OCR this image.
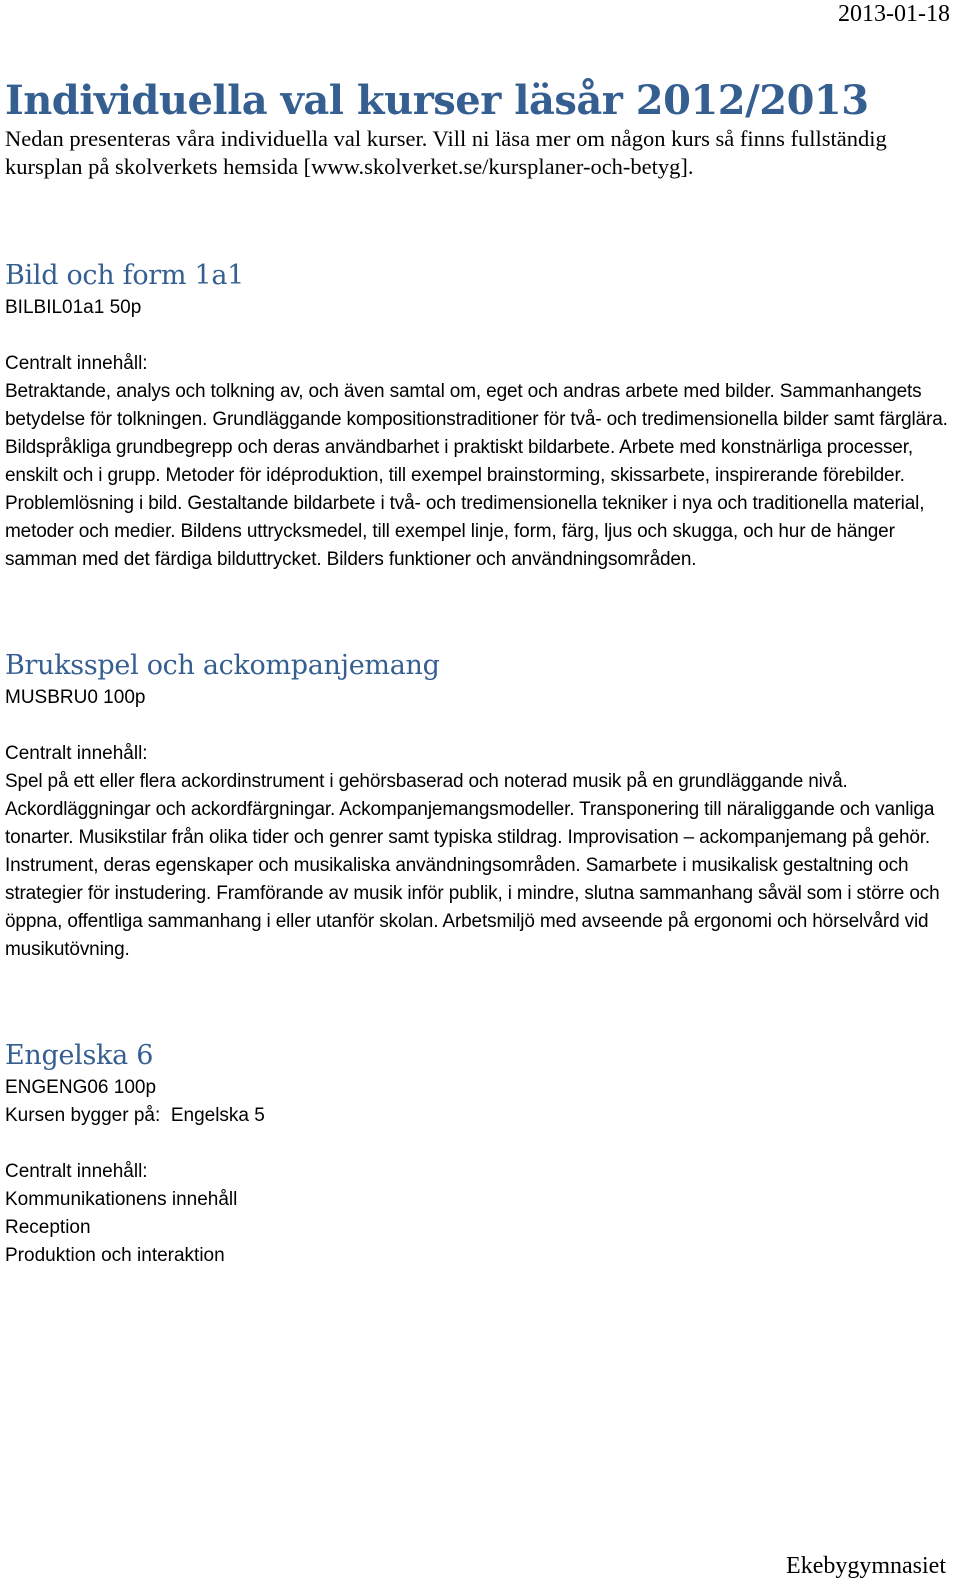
2013-01-18
Individuella val kurser läsår 2012/2013

Nedan presenteras våra individuella val kurser. Vill ni läsa mer om någon kurs så finns fullständig kursplan på skolverkets hemsida [www.skolverket.se/kursplaner-och-betyg].

Bild och form 1a1
BILBIL01a1 50p
Centralt innehåll:

Betraktande, analys och tolkning av, och även samtal om, eget och andras arbete med bilder. Sammanhangets betydelse för tolkningen. Grundläggande kompositionstraditioner för två- och tredimensionella bilder samt färglära. Bildspråkliga grundbegrepp och deras användbarhet i praktiskt bildarbete. Arbete med konstnärliga processer, enskilt och i grupp. Metoder för idéproduktion, till exempel brainstorming, skissarbete, inspirerande förebilder. Problemlösning i bild. Gestaltande bildarbete i två- och tredimensionella tekniker i nya och traditionella material, metoder och medier. Bildens uttrycksmedel, till exempel linje, form, färg, ljus och skugga, och hur de hänger samman med det färdiga bilduttrycket. Bilders funktioner och användningsområden.

Bruksspel och ackompanjemang
MUSBRU0 100p
Centralt innehåll:

Spel på ett eller flera ackordinstrument i gehörsbaserad och noterad musik på en grundläggande nivå. Ackordläggningar och ackordfärgningar. Ackompanjemangsmodeller. Transponering till näraliggande och vanliga tonarter. Musikstilar från olika tider och genrer samt typiska stildrag. Improvisation – ackompanjemang på gehör. Instrument, deras egenskaper och musikaliska användningsområden. Samarbete i musikalisk gestaltning och strategier för instudering. Framförande av musik inför publik, i mindre, slutna sammanhang såväl som i större och öppna, offentliga sammanhang i eller utanför skolan. Arbetsmiljö med avseende på ergonomi och hörselvård vid musikutövning.

Engelska 6
ENGENG06 100p
Kursen bygger på:  Engelska 5
Centralt innehåll:
Kommunikationens innehåll
Reception
Produktion och interaktion
Ekebygymnasiet
